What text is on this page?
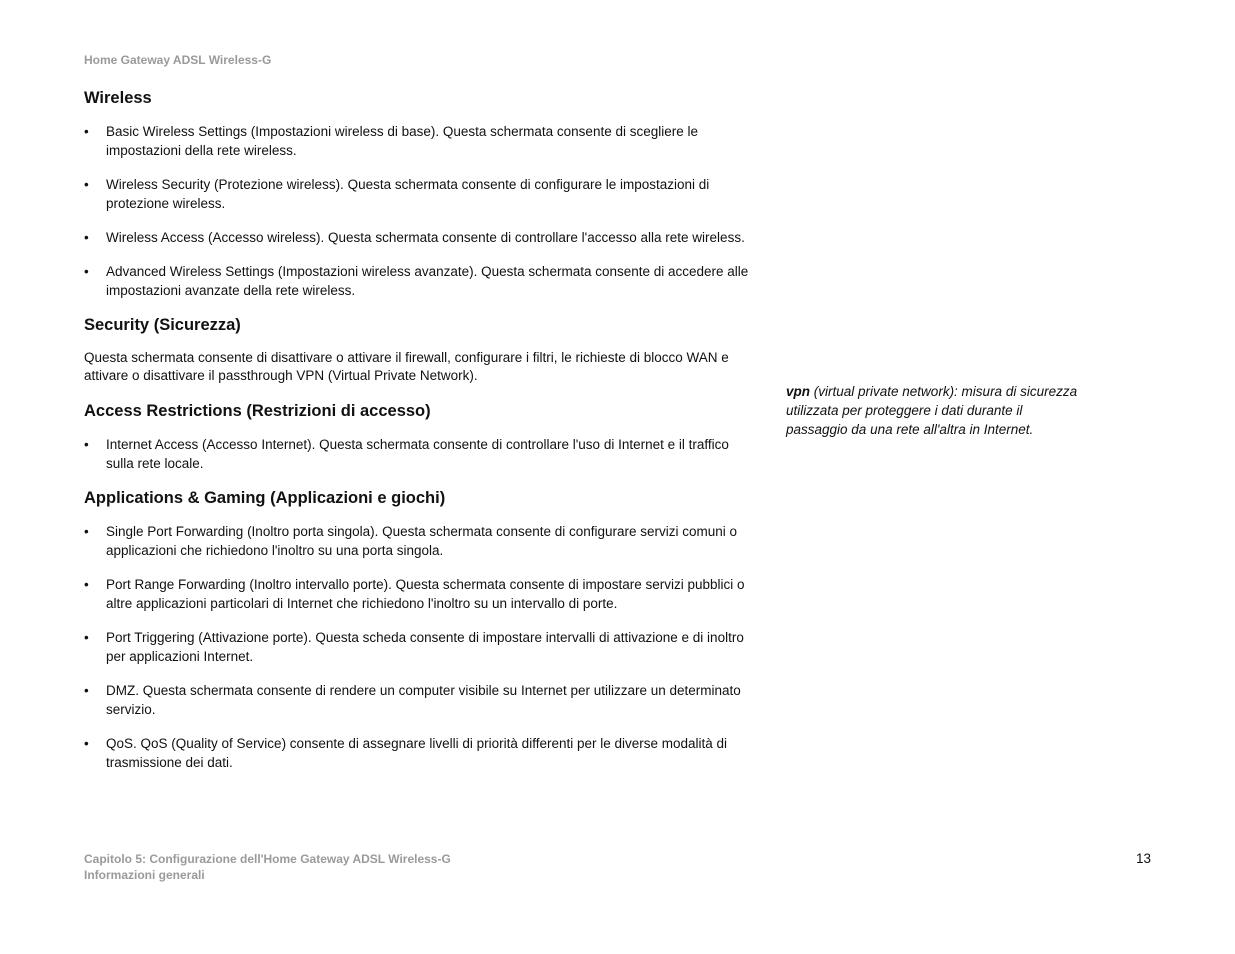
Home Gateway ADSL Wireless-G
Wireless
• Basic Wireless Settings (Impostazioni wireless di base). Questa schermata consente di scegliere le impostazioni della rete wireless.
• Wireless Security (Protezione wireless). Questa schermata consente di configurare le impostazioni di protezione wireless.
• Wireless Access (Accesso wireless). Questa schermata consente di controllare l'accesso alla rete wireless.
• Advanced Wireless Settings (Impostazioni wireless avanzate). Questa schermata consente di accedere alle impostazioni avanzate della rete wireless.
Security (Sicurezza)

Questa schermata consente di disattivare o attivare il firewall, configurare i filtri, le richieste di blocco WAN e attivare o disattivare il passthrough VPN (Virtual Private Network).

Access Restrictions (Restrizioni di accesso)
• Internet Access (Accesso Internet). Questa schermata consente di controllare l'uso di Internet e il traffico sulla rete locale.
Applications & Gaming (Applicazioni e giochi)
• Single Port Forwarding (Inoltro porta singola). Questa schermata consente di configurare servizi comuni o applicazioni che richiedono l'inoltro su una porta singola.
• Port Range Forwarding (Inoltro intervallo porte). Questa schermata consente di impostare servizi pubblici o altre applicazioni particolari di Internet che richiedono l'inoltro su un intervallo di porte.
• Port Triggering (Attivazione porte). Questa scheda consente di impostare intervalli di attivazione e di inoltro per applicazioni Internet.
• DMZ. Questa schermata consente di rendere un computer visibile su Internet per utilizzare un determinato servizio.
• QoS. QoS (Quality of Service) consente di assegnare livelli di priorità differenti per le diverse modalità di trasmissione dei dati.
vpn (virtual private network): misura di sicurezza utilizzata per proteggere i dati durante il passaggio da una rete all'altra in Internet.
Capitolo 5: Configurazione dell'Home Gateway ADSL Wireless-G
Informazioni generali
13
